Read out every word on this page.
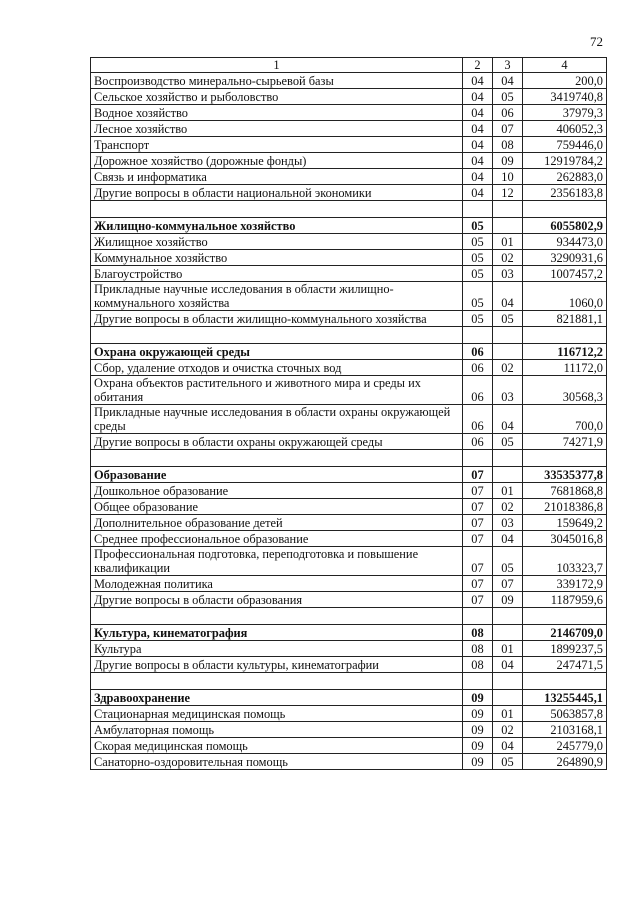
72
1	2	3	4
Воспроизводство минерально-сырьевой базы	04	04	200,0
Сельское хозяйство и рыболовство	04	05	3419740,8
Водное хозяйство	04	06	37979,3
Лесное хозяйство	04	07	406052,3
Транспорт	04	08	759446,0
Дорожное хозяйство (дорожные фонды)	04	09	12919784,2
Связь и информатика	04	10	262883,0
Другие вопросы в области национальной экономики	04	12	2356183,8

Жилищно-коммунальное хозяйство	05		6055802,9
Жилищное хозяйство	05	01	934473,0
Коммунальное хозяйство	05	02	3290931,6
Благоустройство	05	03	1007457,2
Прикладные научные исследования в области жилищно-коммунального хозяйства	05	04	1060,0
Другие вопросы в области жилищно-коммунального хозяйства	05	05	821881,1

Охрана окружающей среды	06		116712,2
Сбор, удаление отходов и очистка сточных вод	06	02	11172,0
Охрана объектов растительного и животного мира и среды их обитания	06	03	30568,3
Прикладные научные исследования в области охраны окружающей среды	06	04	700,0
Другие вопросы в области охраны окружающей среды	06	05	74271,9

Образование	07		33535377,8
Дошкольное образование	07	01	7681868,8
Общее образование	07	02	21018386,8
Дополнительное образование детей	07	03	159649,2
Среднее профессиональное образование	07	04	3045016,8
Профессиональная подготовка, переподготовка и повышение квалификации	07	05	103323,7
Молодежная политика	07	07	339172,9
Другие вопросы в области образования	07	09	1187959,6

Культура, кинематография	08		2146709,0
Культура	08	01	1899237,5
Другие вопросы в области культуры, кинематографии	08	04	247471,5

Здравоохранение	09		13255445,1
Стационарная медицинская помощь	09	01	5063857,8
Амбулаторная помощь	09	02	2103168,1
Скорая медицинская помощь	09	04	245779,0
Санаторно-оздоровительная помощь	09	05	264890,9
